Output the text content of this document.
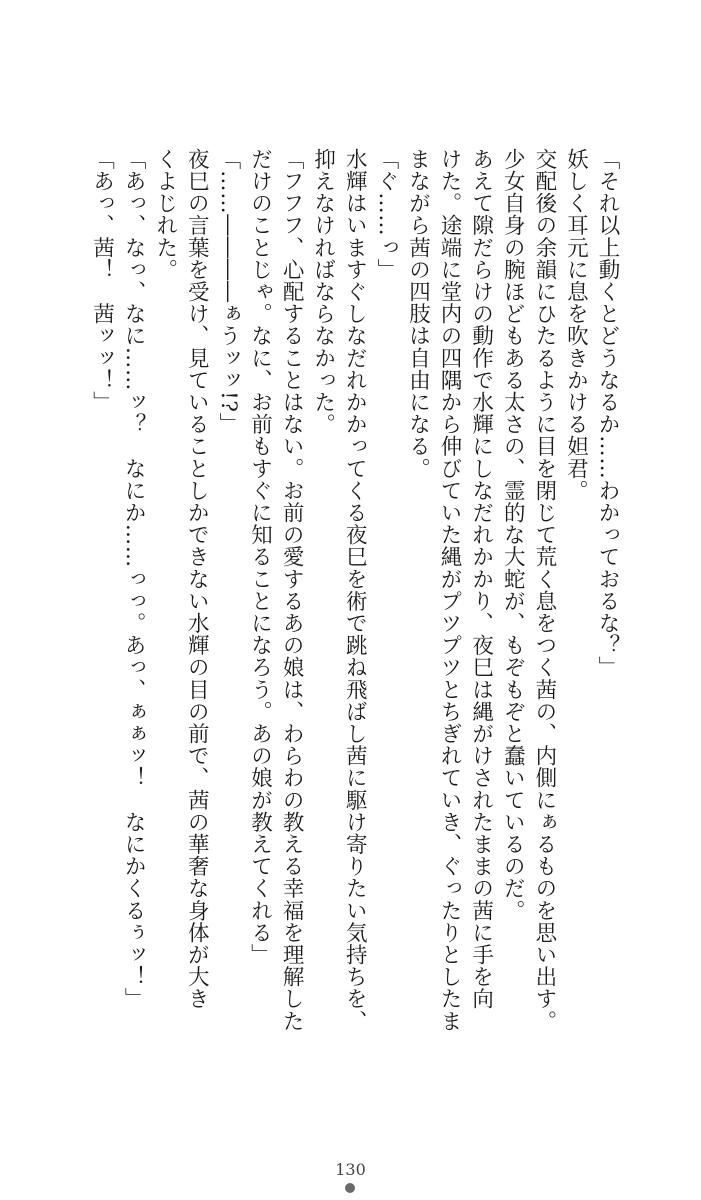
「それ以上動くとどうなるか……わかっておるな？」
妖しく耳元に息を吹きかける妲君。
交配後の余韻にひたるように目を閉じて荒く息をつく茜の、内側にぁるものを思い出す。
少女自身の腕ほどもある太さの、霊的な大蛇が、もぞもぞと蠢いているのだ。
あえて隙だらけの動作で水輝にしなだれかかり、夜巳は縄がけされたままの茜に手を向
けた。途端に堂内の四隅から伸びていた縄がプツプツとちぎれていき、ぐったりとしたま
まながら茜の四肢は自由になる。
「ぐ……っ」
水輝はいますぐしなだれかかってくる夜巳を術で跳ね飛ばし茜に駆け寄りたい気持ちを、
抑えなければならなかった。
「フフフ、心配することはない。お前の愛するあの娘は、わらわの教える幸福を理解した
だけのことじゃ。なに、お前もすぐに知ることになろう。あの娘が教えてくれる」
「……――――ぁうッッ!?」
夜巳の言葉を受け、見ていることしかできない水輝の目の前で、茜の華奢な身体が大き
くよじれた。
「あっ、なっ、なに……ッ？　なにか……っっ。あっ、ぁぁッ！　なにかくるぅッ！」
「あっ、茜！　茜ッッ！」
130
